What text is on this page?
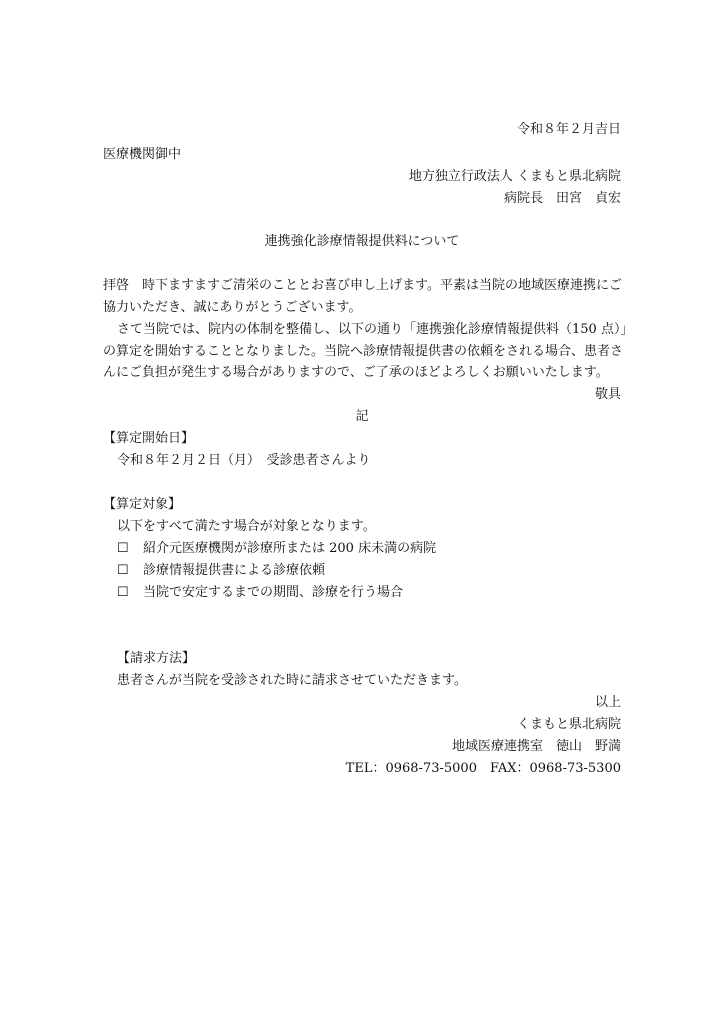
令和８年２月吉日
医療機関御中
地方独立行政法人 くまもと県北病院
病院長　田宮　貞宏
連携強化診療情報提供料について
拝啓　時下ますますご清栄のこととお喜び申し上げます。平素は当院の地域医療連携にご
協力いただき、誠にありがとうございます。
さて当院では、院内の体制を整備し、以下の通り「連携強化診療情報提供料（150 点）」
の算定を開始することとなりました。当院へ診療情報提供書の依頼をされる場合、患者さ
んにご負担が発生する場合がありますので、ご了承のほどよろしくお願いいたします。
敬具
記
【算定開始日】
令和８年２月２日（月）　受診患者さんより
【算定対象】
以下をすべて満たす場合が対象となります。
☐ 紹介元医療機関が診療所または 200 床未満の病院
☐ 診療情報提供書による診療依頼
☐ 当院で安定するまでの期間、診療を行う場合
【請求方法】
患者さんが当院を受診された時に請求させていただきます。
以上
くまもと県北病院
地域医療連携室　徳山　野満
TEL：0968-73-5000　FAX：0968-73-5300
